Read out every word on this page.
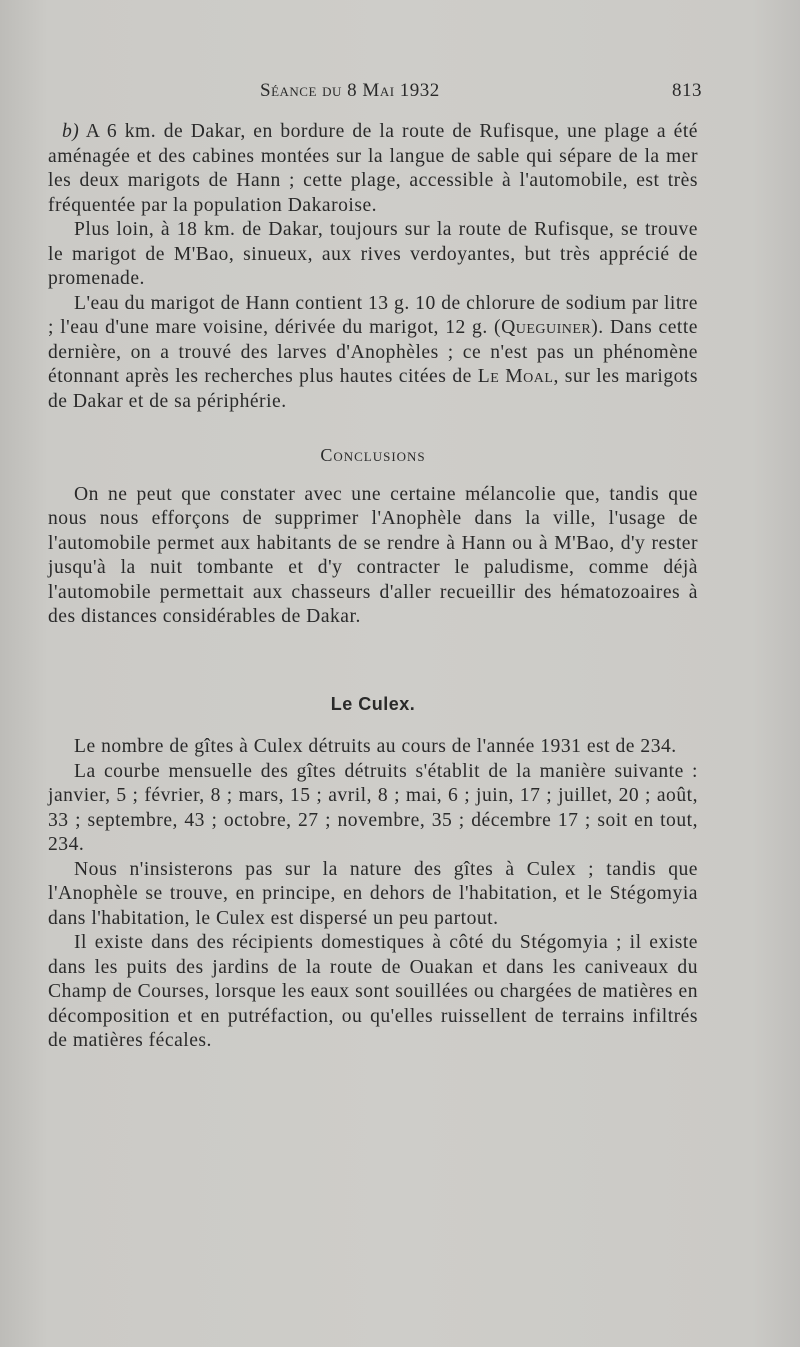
Séance du 8 Mai 1932	813

b) A 6 km. de Dakar, en bordure de la route de Rufisque, une plage a été aménagée et des cabines montées sur la langue de sable qui sépare de la mer les deux marigots de Hann ; cette plage, accessible à l'automobile, est très fréquentée par la population Dakaroise.

Plus loin, à 18 km. de Dakar, toujours sur la route de Rufisque, se trouve le marigot de M'Bao, sinueux, aux rives verdoyantes, but très apprécié de promenade.

L'eau du marigot de Hann contient 13 g. 10 de chlorure de sodium par litre ; l'eau d'une mare voisine, dérivée du marigot, 12 g. (Queguiner). Dans cette dernière, on a trouvé des larves d'Anophèles ; ce n'est pas un phénomène étonnant après les recherches plus hautes citées de Le Moal, sur les marigots de Dakar et de sa périphérie.

Conclusions

On ne peut que constater avec une certaine mélancolie que, tandis que nous nous efforçons de supprimer l'Anophèle dans la ville, l'usage de l'automobile permet aux habitants de se rendre à Hann ou à M'Bao, d'y rester jusqu'à la nuit tombante et d'y contracter le paludisme, comme déjà l'automobile permettait aux chasseurs d'aller recueillir des hématozoaires à des distances considérables de Dakar.

Le Culex.

Le nombre de gîtes à Culex détruits au cours de l'année 1931 est de 234.

La courbe mensuelle des gîtes détruits s'établit de la manière suivante : janvier, 5 ; février, 8 ; mars, 15 ; avril, 8 ; mai, 6 ; juin, 17 ; juillet, 20 ; août, 33 ; septembre, 43 ; octobre, 27 ; novembre, 35 ; décembre 17 ; soit en tout, 234.

Nous n'insisterons pas sur la nature des gîtes à Culex ; tandis que l'Anophèle se trouve, en principe, en dehors de l'habitation, et le Stégomyia dans l'habitation, le Culex est dispersé un peu partout.

Il existe dans des récipients domestiques à côté du Stégomyia ; il existe dans les puits des jardins de la route de Ouakan et dans les caniveaux du Champ de Courses, lorsque les eaux sont souillées ou chargées de matières en décomposition et en putréfaction, ou qu'elles ruissellent de terrains infiltrés de matières fécales.
